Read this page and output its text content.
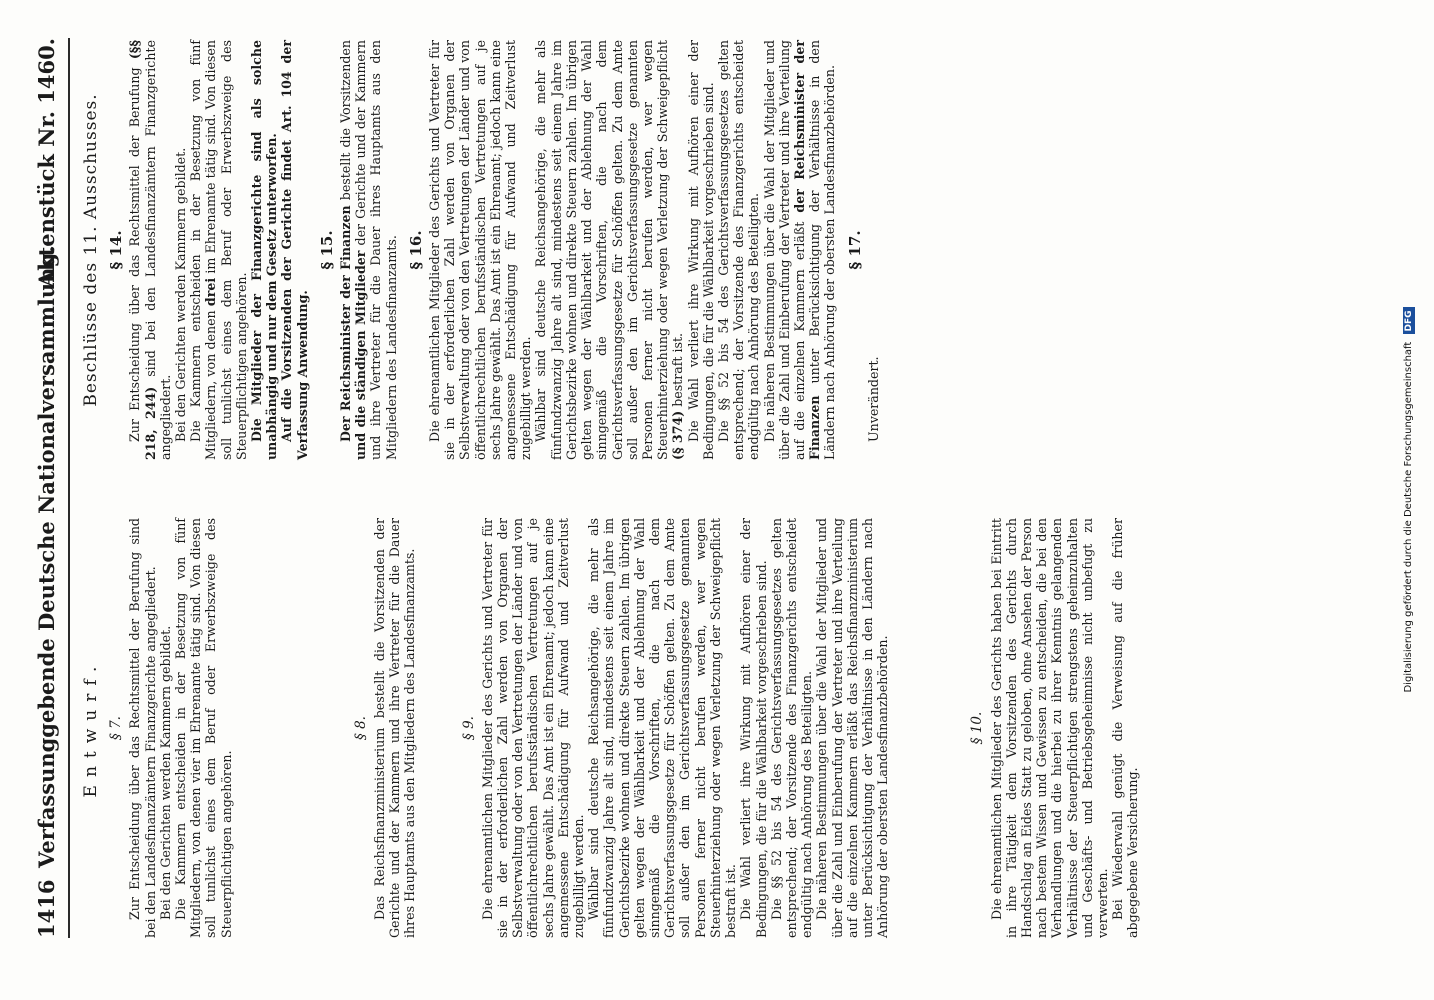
1416
Verfassunggebende Deutsche Nationalversammlung.
Aktenstück Nr. 1460.
Entwurf. § 7. Zur Entscheidung über das Rechtsmittel der Berufung sind bei den Landesfinanzämtern Finanzgerichte angegliedert. Bei den Gerichten werden Kammern gebildet. Die Kammern entscheiden in der Besetzung von fünf Mitgliedern, von denen vier im Ehrenamte tätig sind. Von diesen soll tunlichst eines dem Beruf oder Erwerbszweige des Steuerpflichtigen angehören.

§ 8. Das Reichsfinanzministerium bestellt die Vorsitzenden der Gerichte und der Kammern und ihre Vertreter für die Dauer ihres Hauptamts aus den Mitgliedern des Landesfinanzamts.	§ 9. Die ehrenamtlichen Mitglieder des Gerichts und Vertreter für sie in der erforderlichen Zahl werden von Organen der Selbstverwaltung oder von den Vertretungen der Länder und von öffentlichrechtlichen berufsständischen Vertretungen auf je sechs Jahre gewählt. Das Amt ist ein Ehrenamt; jedoch kann eine angemessene Entschädigung für Aufwand und Zeitverlust zugebilligt werden. Wählbar sind deutsche Reichsangehörige, die mehr als fünfundzwanzig Jahre alt sind, mindestens seit einem Jahre im Gerichtsbezirke wohnen und direkte Steuern zahlen. Im übrigen gelten wegen der Wählbarkeit und der Ablehnung der Wahl sinngemäß die Vorschriften, die nach dem Gerichtsverfassungsgesetze für Schöffen gelten. Zu dem Amte soll außer den im Gerichtsverfassungsgesetze genannten Personen ferner nicht berufen werden, wer wegen Steuerhinterziehung oder wegen Verletzung der Schweigepflicht bestraft ist. Die Wahl verliert ihre Wirkung mit Aufhören einer der Bedingungen, die für die Wählbarkeit vorgeschrieben sind. Die §§ 52 bis 54 des Gerichtsverfassungsgesetzes gelten entsprechend; der Vorsitzende des Finanzgerichts entscheidet endgültig nach Anhörung des Beteiligten. Die näheren Bestimmungen über die Wahl der Mitglieder und über die Zahl und Einberufung der Vertreter und ihre Verteilung auf die einzelnen Kammern erläßt das Reichsfinanzministerium unter Berücksichtigung der Verhältnisse in den Ländern nach Anhörung der obersten Landesfinanzbehörden.	§ 10. Die ehrenamtlichen Mitglieder des Gerichts haben bei Eintritt in ihre Tätigkeit dem Vorsitzenden des Gerichts durch Handschlag an Eides Statt zu geloben, ohne Ansehen der Person nach bestem Wissen und Gewissen zu entscheiden, die bei den Verhandlungen und die hierbei zu ihrer Kenntnis gelangenden Verhältnisse der Steuerpflichtigen strengstens geheimzuhalten und Geschäfts- und Betriebsgeheimnisse nicht unbefugt zu verwerten. Bei Wiederwahl genügt die Verweisung auf die früher abgegebene Versicherung.

Beschlüsse des 11. Ausschusses. § 14. Zur Entscheidung über das Rechtsmittel der Berufung (§§ 218, 244) sind bei den Landesfinanzämtern Finanzgerichte angegliedert. Bei den Gerichten werden Kammern gebildet. Die Kammern entscheiden in der Besetzung von fünf Mitgliedern, von denen drei im Ehrenamte tätig sind. Von diesen soll tunlichst eines dem Beruf oder Erwerbszweige des Steuerpflichtigen angehören. Die Mitglieder der Finanzgerichte sind als solche unabhängig und nur dem Gesetz unterworfen. Auf die Vorsitzenden der Gerichte findet Art. 104 der Verfassung Anwendung.

§ 15. Der Reichsminister der Finanzen bestellt die Vorsitzenden und die ständigen Mitglieder der Gerichte und der Kammern und ihre Vertreter für die Dauer ihres Hauptamts aus den Mitgliedern des Landesfinanzamts. § 16. Die ehrenamtlichen Mitglieder des Gerichts und Vertreter für sie in der erforderlichen Zahl werden von Organen der Selbstverwaltung oder von den Vertretungen der Länder und von öffentlichrechtlichen berufsständischen Vertretungen auf je sechs Jahre gewählt. Das Amt ist ein Ehrenamt; jedoch kann eine angemessene Entschädigung für Aufwand und Zeitverlust zugebilligt werden. Wählbar sind deutsche Reichsangehörige, die mehr als fünfundzwanzig Jahre alt sind, mindestens seit einem Jahre im Gerichtsbezirke wohnen und direkte Steuern zahlen. Im übrigen gelten wegen der Wählbarkeit und der Ablehnung der Wahl sinngemäß die Vorschriften, die nach dem Gerichtsverfassungsgesetze für Schöffen gelten. Zu dem Amte soll außer den im Gerichtsverfassungsgesetze genannten Personen ferner nicht berufen werden, wer wegen Steuerhinterziehung oder wegen Verletzung der Schweigepflicht (§ 374) bestraft ist. Die Wahl verliert ihre Wirkung mit Aufhören einer der Bedingungen, die für die Wählbarkeit vorgeschrieben sind. Die §§ 52 bis 54 des Gerichtsverfassungsgesetzes gelten entsprechend; der Vorsitzende des Finanzgerichts entscheidet endgültig nach Anhörung des Beteiligten. Die näheren Bestimmungen über die Wahl der Mitglieder und über die Zahl und Einberufung der Vertreter und ihre Verteilung auf die einzelnen Kammern erläßt der Reichsminister der Finanzen unter Berücksichtigung der Verhältnisse in den Ländern nach Anhörung der obersten Landesfinanzbehörden. § 17.

Unverändert.	Digitalisierung gefördert durch die Deutsche Forschungsgemeinschaft DFG
